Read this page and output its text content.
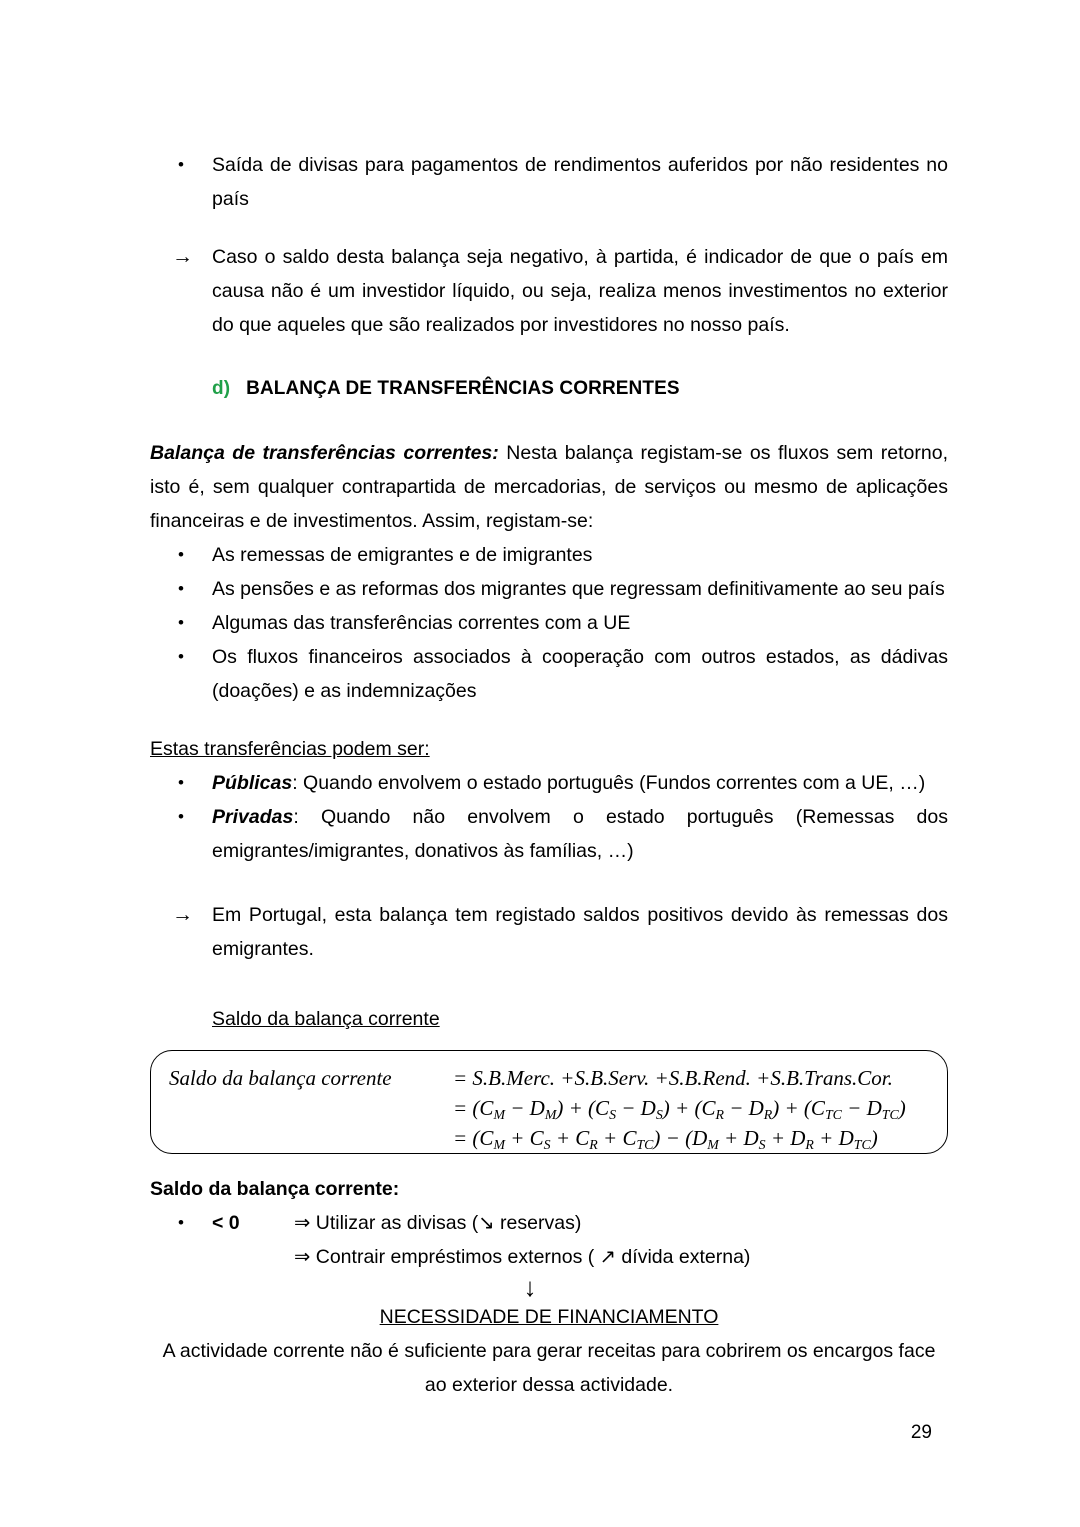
•	Saída de divisas para pagamentos de rendimentos auferidos por não residentes no país
→ Caso o saldo desta balança seja negativo, à partida, é indicador de que o país em causa não é um investidor líquido, ou seja, realiza menos investimentos no exterior do que aqueles que são realizados por investidores no nosso país.
d) BALANÇA DE TRANSFERÊNCIAS CORRENTES

Balança de transferências correntes: Nesta balança registam-se os fluxos sem retorno, isto é, sem qualquer contrapartida de mercadorias, de serviços ou mesmo de aplicações financeiras e de investimentos. Assim, registam-se:

•	As remessas de emigrantes e de imigrantes
•	As pensões e as reformas dos migrantes que regressam definitivamente ao seu país
•	Algumas das transferências correntes com a UE
•	Os fluxos financeiros associados à cooperação com outros estados, as dádivas (doações) e as indemnizações

Estas transferências podem ser:

•	Públicas: Quando envolvem o estado português (Fundos correntes com a UE, …)
•	Privadas: Quando não envolvem o estado português (Remessas dos emigrantes/imigrantes, donativos às famílias, …)
→ Em Portugal, esta balança tem registado saldos positivos devido às remessas dos emigrantes.
Saldo da balança corrente
Saldo da balança corrente	= S.B.Merc. +S.B.Serv. +S.B.Rend. +S.B.Trans.Cor.
= $(C_M - D_M) + (C_S - D_S) + (C_R - D_R) + (C_{TC} - D_{TC})$
= $(C_M + C_S + C_R + C_{TC}) - (D_M + D_S + D_R + D_{TC})$
Saldo da balança corrente:
•	< 0	⇒ Utilizar as divisas (↘ reservas)
⇒ Contrair empréstimos externos ( ↗ dívida externa)
↓
NECESSIDADE DE FINANCIAMENTO
A actividade corrente não é suficiente para gerar receitas para cobrirem os encargos face ao exterior dessa actividade.
29
